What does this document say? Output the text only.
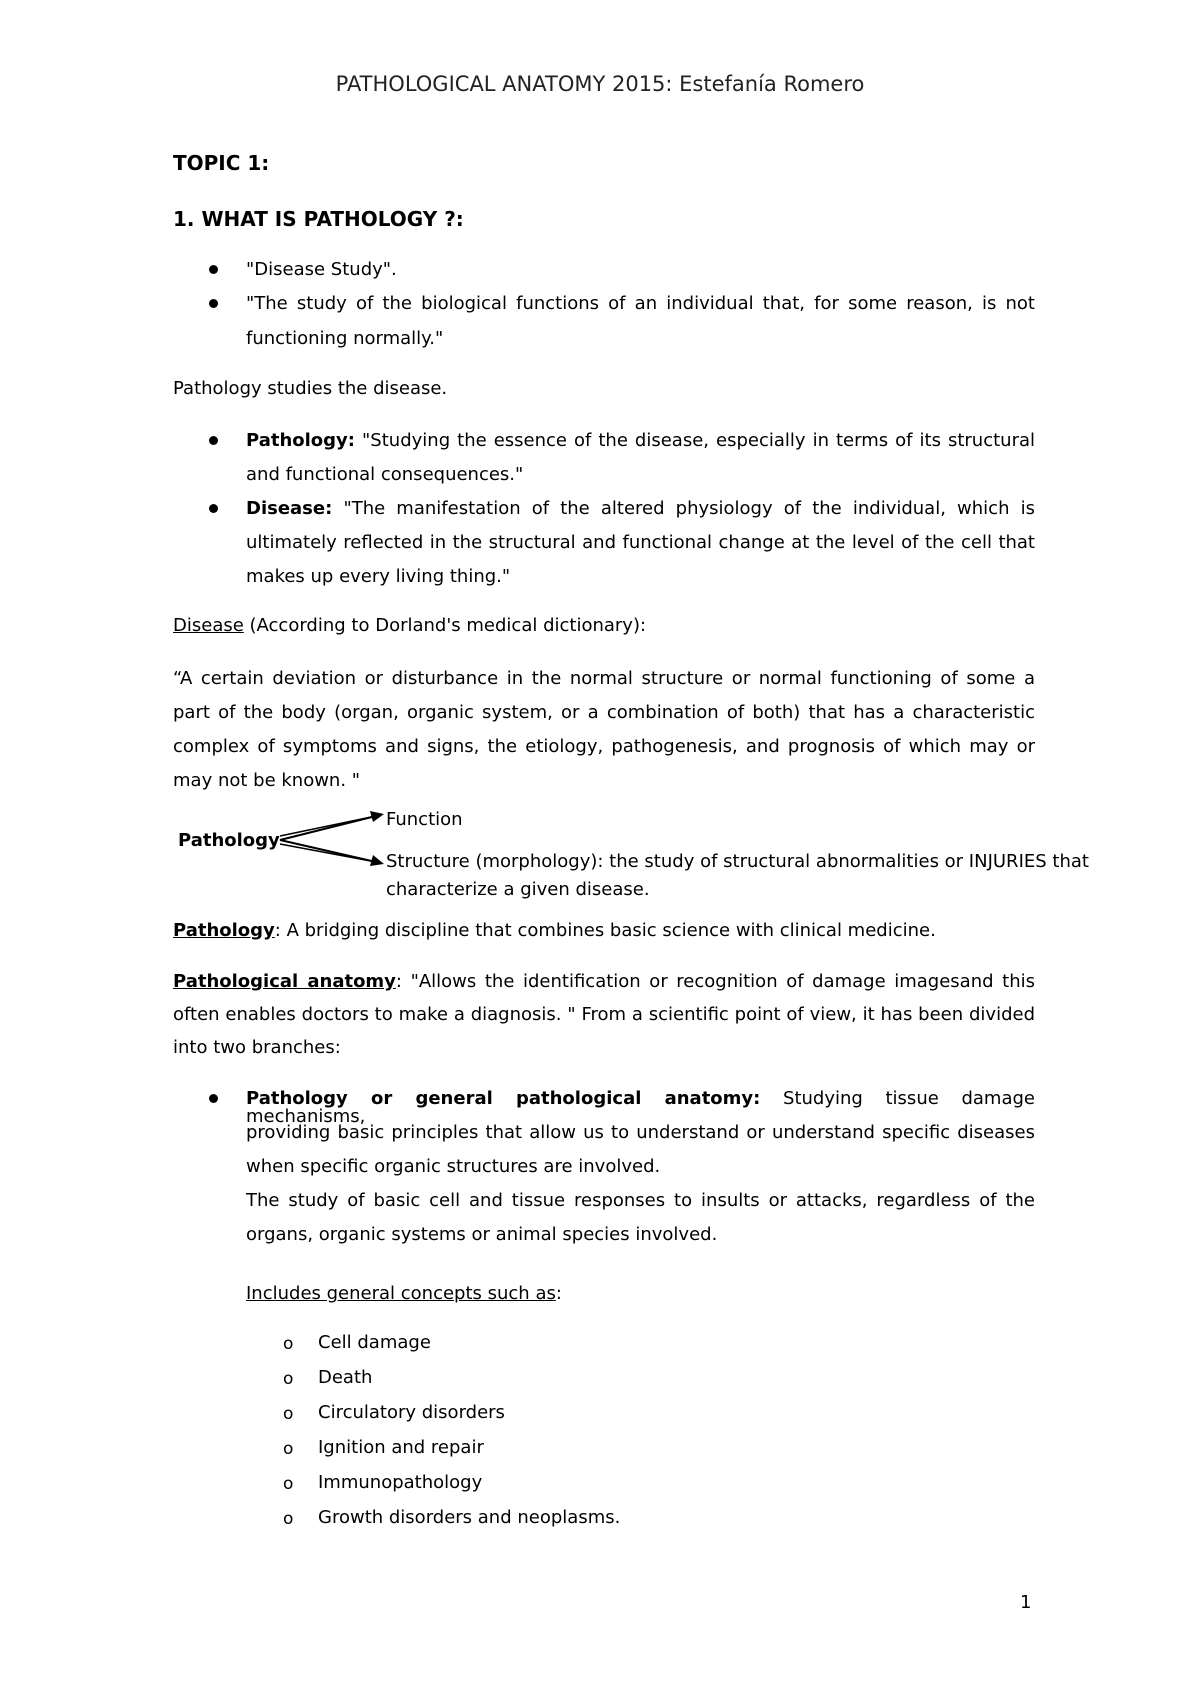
PATHOLOGICAL ANATOMY 2015: Estefanía Romero
TOPIC 1:
1. WHAT IS PATHOLOGY ?:
"Disease Study".
"The study of the biological functions of an individual that, for some reason, is not
functioning normally."
Pathology studies the disease.
Pathology: "Studying the essence of the disease, especially in terms of its structural
and functional consequences."
Disease: "The manifestation of the altered physiology of the individual, which is
ultimately reflected in the structural and functional change at the level of the cell that
makes up every living thing."
Disease (According to Dorland's medical dictionary):
“A certain deviation or disturbance in the normal structure or normal functioning of some a
part of the body (organ, organic system, or a combination of both) that has a characteristic
complex of symptoms and signs, the etiology, pathogenesis, and prognosis of which may or
may not be known. "
Pathology
Function
Structure (morphology): the study of structural abnormalities or INJURIES that
characterize a given disease.
Pathology: A bridging discipline that combines basic science with clinical medicine.
Pathological anatomy: "Allows the identification or recognition of damage imagesand this
often enables doctors to make a diagnosis. " From a scientific point of view, it has been divided
into two branches:
Pathology or general pathological anatomy: Studying tissue damage mechanisms,
providing basic principles that allow us to understand or understand specific diseases
when specific organic structures are involved.
The study of basic cell and tissue responses to insults or attacks, regardless of the
organs, organic systems or animal species involved.
Includes general concepts such as:
o Cell damage
o Death
o Circulatory disorders
o Ignition and repair
o Immunopathology
o Growth disorders and neoplasms.
1
